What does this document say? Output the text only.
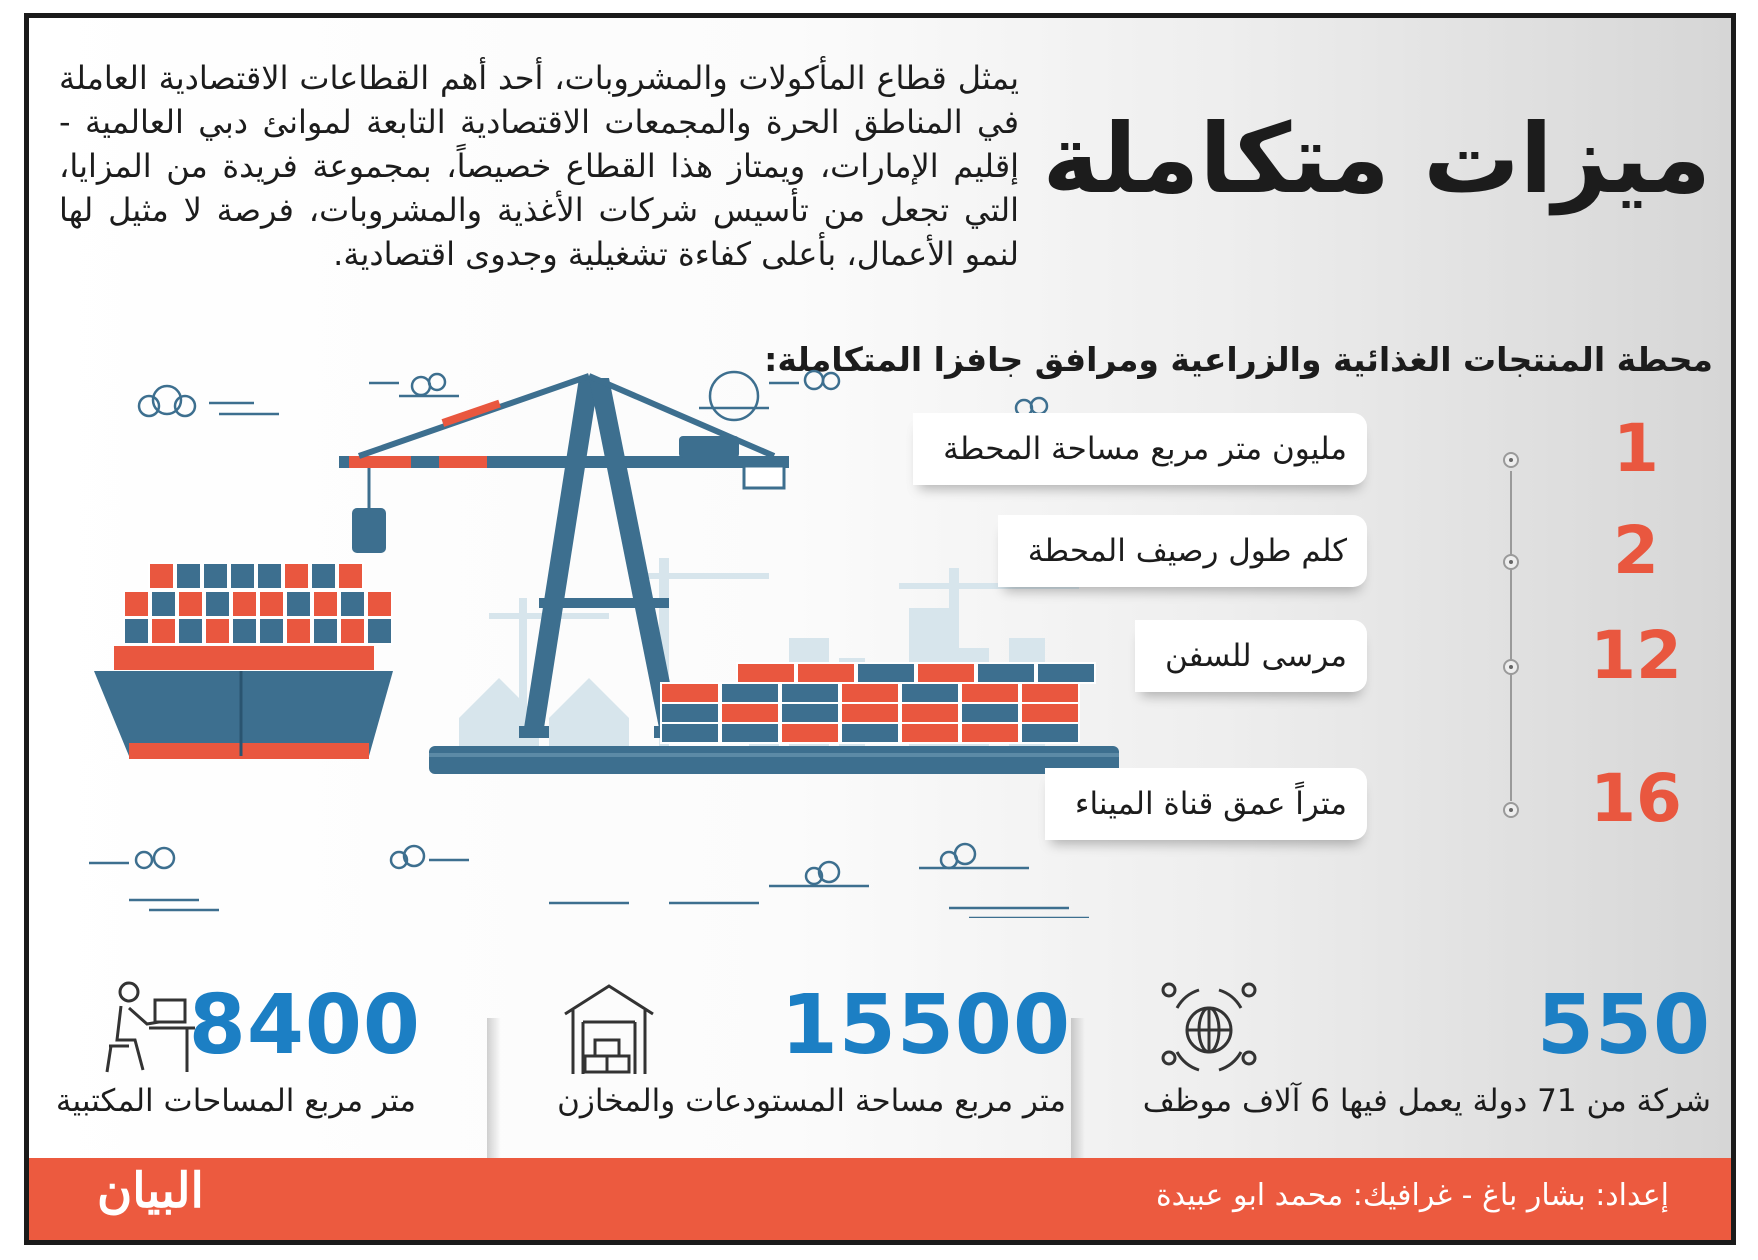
ميزات متكاملة
يمثل قطاع المأكولات والمشروبات، أحد أهم القطاعات الاقتصادية العاملة في المناطق الحرة والمجمعات الاقتصادية التابعة لموانئ دبي العالمية - إقليم الإمارات، ويمتاز هذا القطاع خصيصاً، بمجموعة فريدة من المزايا، التي تجعل من تأسيس شركات الأغذية والمشروبات، فرصة لا مثيل لها لنمو الأعمال، بأعلى كفاءة تشغيلية وجدوى اقتصادية.
محطة المنتجات الغذائية والزراعية ومرافق جافزا المتكاملة:
مليون متر مربع مساحة المحطة	1
كلم طول رصيف المحطة	2
مرسى للسفن	12
متراً عمق قناة الميناء	16
550
شركة من 71 دولة يعمل فيها 6 آلاف موظف
15500
متر مربع مساحة المستودعات والمخازن
8400
متر مربع المساحات المكتبية
إعداد: بشار باغ - غرافيك: محمد ابو عبيدة
البيان
